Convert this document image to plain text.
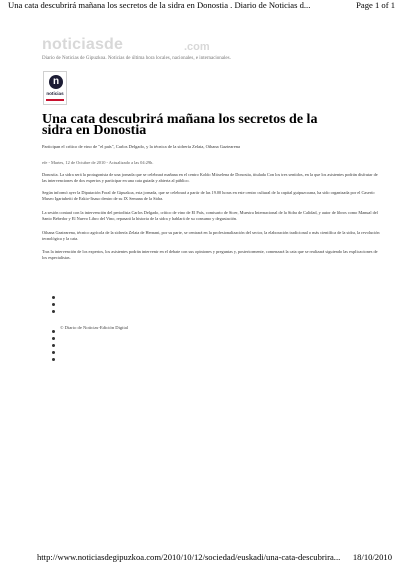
Una cata descubrirá mañana los secretos de la sidra en Donostia . Diario de Noticias d...	Page 1 of 1
noticiasde	.com
Diario de Noticias de Gipuzkoa. Noticias de última hora locales, nacionales, e internacionales.
n
noticias
Una cata descubrirá mañana los secretos de la
sidra en Donostia
Participan el crítico de vino de "el país", Carlos Delgado, y la técnica de la sidrería Zelaia, Oihana Gaztearena
efe - Martes, 12 de Octubre de 2010 - Actualizado a las 04:29h.

Donostia. La sidra será la protagonista de una jornada que se celebrará mañana en el centro Koldo Mitxelena de Donostia, titulada Con los tres sentidos, en la que los asistentes podrán disfrutar de las intervenciones de dos expertos y participar en una cata guiada y abierta al público.

Según informó ayer la Diputación Foral de Gipuzkoa, esta jornada, que se celebrará a partir de las 19.00 horas en este centro cultural de la capital guipuzcoana, ha sido organizada por el Caserío Museo Igartubeiti de Ezkio-Itsaso dentro de su IX Semana de la Sidra.

La sesión contará con la intervención del periodista Carlos Delgado, crítico de vino de El País, comisario de Sicer, Muestra Internacional de la Sidra de Calidad, y autor de libros como Manual del Santo Bebedor y El Nuevo Libro del Vino, repasará la historia de la sidra y hablará de su consumo y degustación.

Oihana Gaztearena, técnico agrícola de la sidrería Zelaia de Hernani, por su parte, se centrará en la profesionalización del sector, la elaboración tradicional o más científica de la sidra, la revolución tecnológica y la cata.

Tras la intervención de los expertos, los asistentes podrán intervenir en el debate con sus opiniones y preguntas y, posteriormente, comenzará la cata que se realizará siguiendo las explicaciones de los especialistas.

© Diario de Noticias-Edición Digital
http://www.noticiasdegipuzkoa.com/2010/10/12/sociedad/euskadi/una-cata-descubrira... 18/10/2010
